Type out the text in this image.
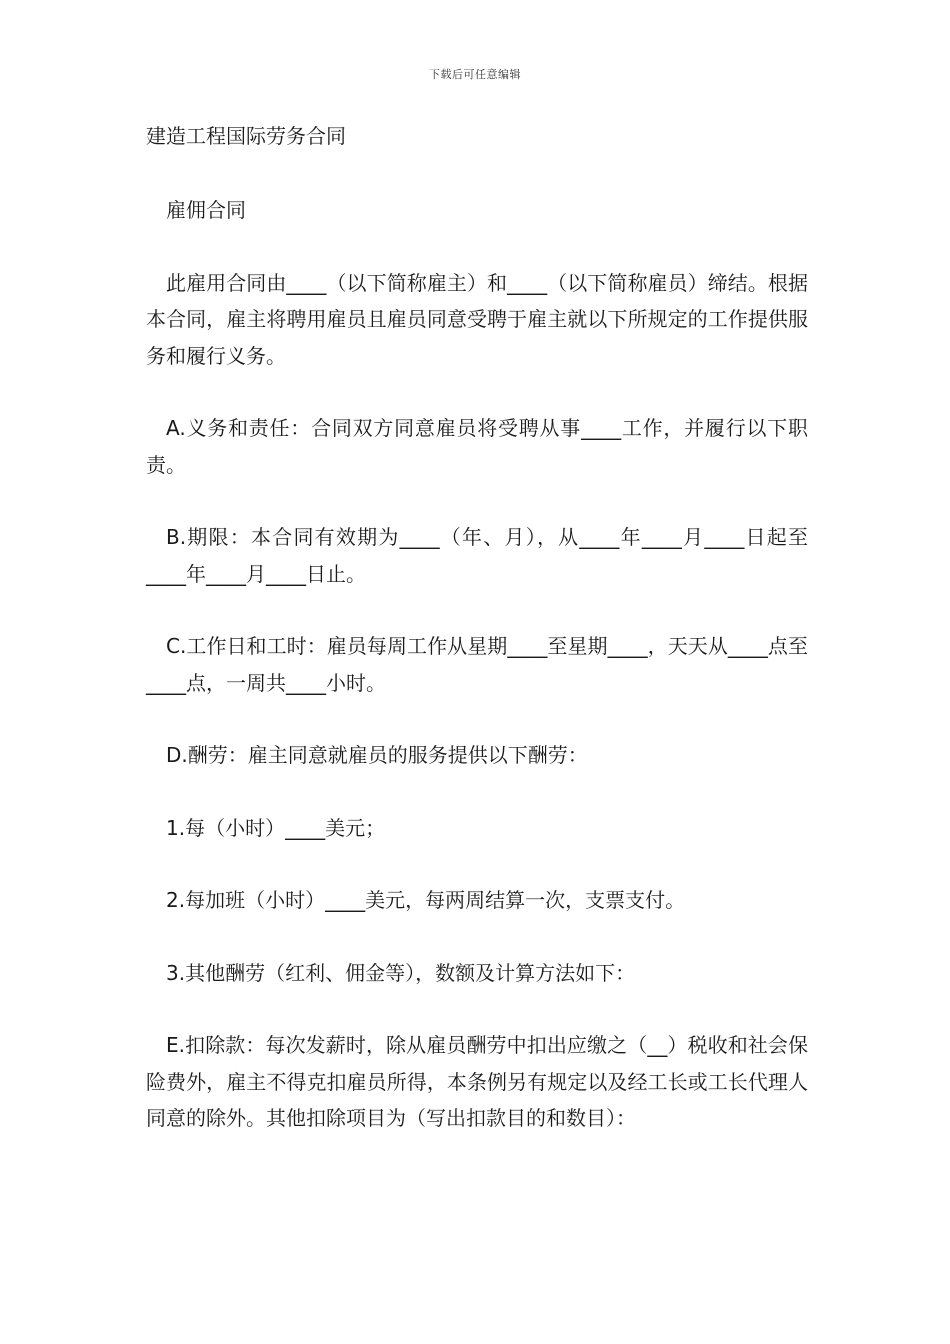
下载后可任意编辑
建造工程国际劳务合同

雇佣合同

此雇用合同由____（以下简称雇主）和____（以下简称雇员）缔结。根据本合同，雇主将聘用雇员且雇员同意受聘于雇主就以下所规定的工作提供服务和履行义务。

A.义务和责任：合同双方同意雇员将受聘从事____工作，并履行以下职责。

B.期限：本合同有效期为____（年、月），从____年____月____日起至____年____月____日止。

C.工作日和工时：雇员每周工作从星期____至星期____，天天从____点至____点，一周共____小时。

D.酬劳：雇主同意就雇员的服务提供以下酬劳：

1.每（小时）____美元；

2.每加班（小时）____美元，每两周结算一次，支票支付。

3.其他酬劳（红利、佣金等），数额及计算方法如下：

E.扣除款：每次发薪时，除从雇员酬劳中扣出应缴之（__）税收和社会保险费外，雇主不得克扣雇员所得，本条例另有规定以及经工长或工长代理人同意的除外。其他扣除项目为（写出扣款目的和数目）：
